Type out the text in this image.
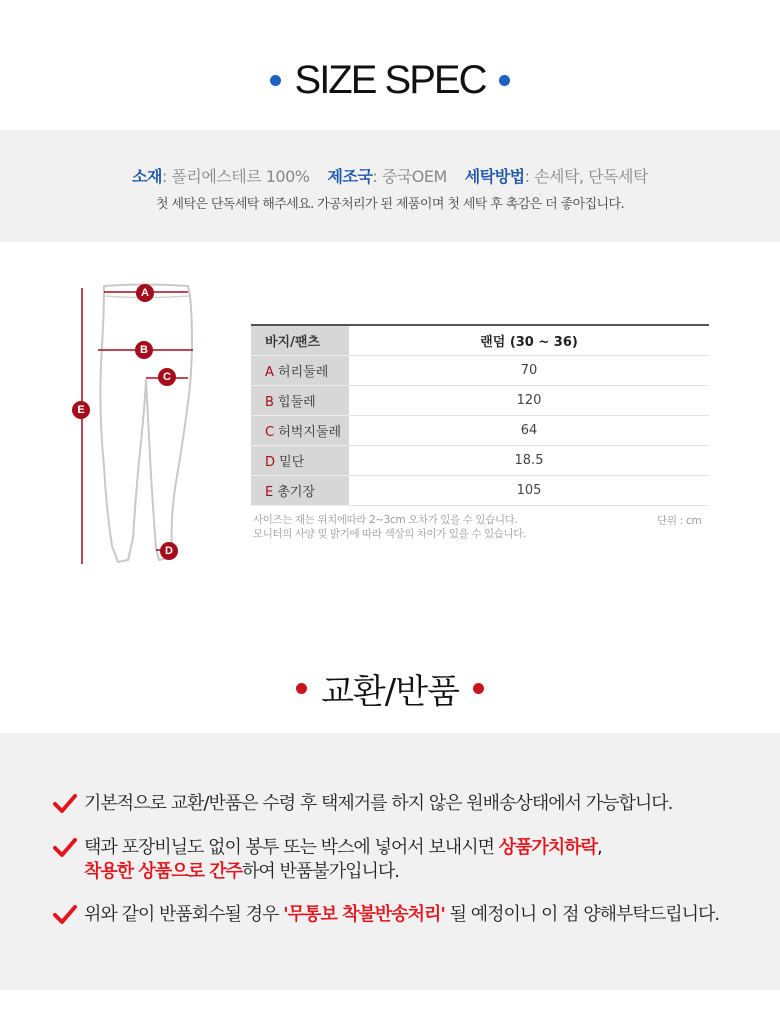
SIZE SPEC
소재: 폴리에스테르 100% 제조국: 중국OEM 세탁방법: 손세탁, 단독세탁
첫 세탁은 단독세탁 해주세요. 가공처리가 된 제품이며 첫 세탁 후 촉감은 더 좋아집니다.
A
B
C
D
E
바지/팬츠	랜덤 (30 ~ 36)
A 허리둘레	70
B 힙둘레	120
C 허벅지둘레	64
D 밑단	18.5
E 총기장	105
사이즈는 재는 위치에따라 2~3cm 오차가 있을 수 있습니다.
모니터의 사양 및 밝기에 따라 색상의 차이가 있을 수 있습니다.
단위 : cm
교환/반품
기본적으로 교환/반품은 수령 후 택제거를 하지 않은 원배송상태에서 가능합니다.
택과 포장비닐도 없이 봉투 또는 박스에 넣어서 보내시면 상품가치하락,
착용한 상품으로 간주하여 반품불가입니다.
위와 같이 반품회수될 경우 '무통보 착불반송처리' 될 예정이니 이 점 양해부탁드립니다.
